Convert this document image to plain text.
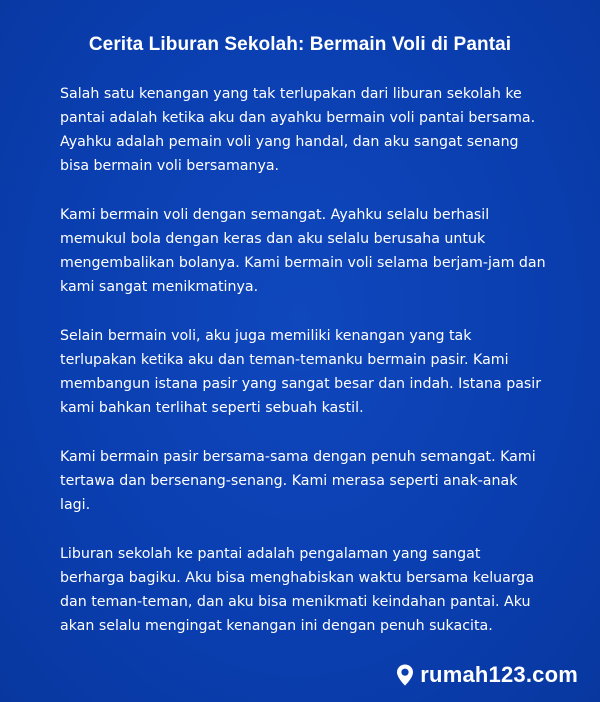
Cerita Liburan Sekolah: Bermain Voli di Pantai

Salah satu kenangan yang tak terlupakan dari liburan sekolah ke pantai adalah ketika aku dan ayahku bermain voli pantai bersama. Ayahku adalah pemain voli yang handal, dan aku sangat senang bisa bermain voli bersamanya.

Kami bermain voli dengan semangat. Ayahku selalu berhasil memukul bola dengan keras dan aku selalu berusaha untuk mengembalikan bolanya. Kami bermain voli selama berjam-jam dan kami sangat menikmatinya.

Selain bermain voli, aku juga memiliki kenangan yang tak terlupakan ketika aku dan teman-temanku bermain pasir. Kami membangun istana pasir yang sangat besar dan indah. Istana pasir kami bahkan terlihat seperti sebuah kastil.

Kami bermain pasir bersama-sama dengan penuh semangat. Kami tertawa dan bersenang-senang. Kami merasa seperti anak-anak lagi.

Liburan sekolah ke pantai adalah pengalaman yang sangat berharga bagiku. Aku bisa menghabiskan waktu bersama keluarga dan teman-teman, dan aku bisa menikmati keindahan pantai. Aku akan selalu mengingat kenangan ini dengan penuh sukacita.

rumah123.com
